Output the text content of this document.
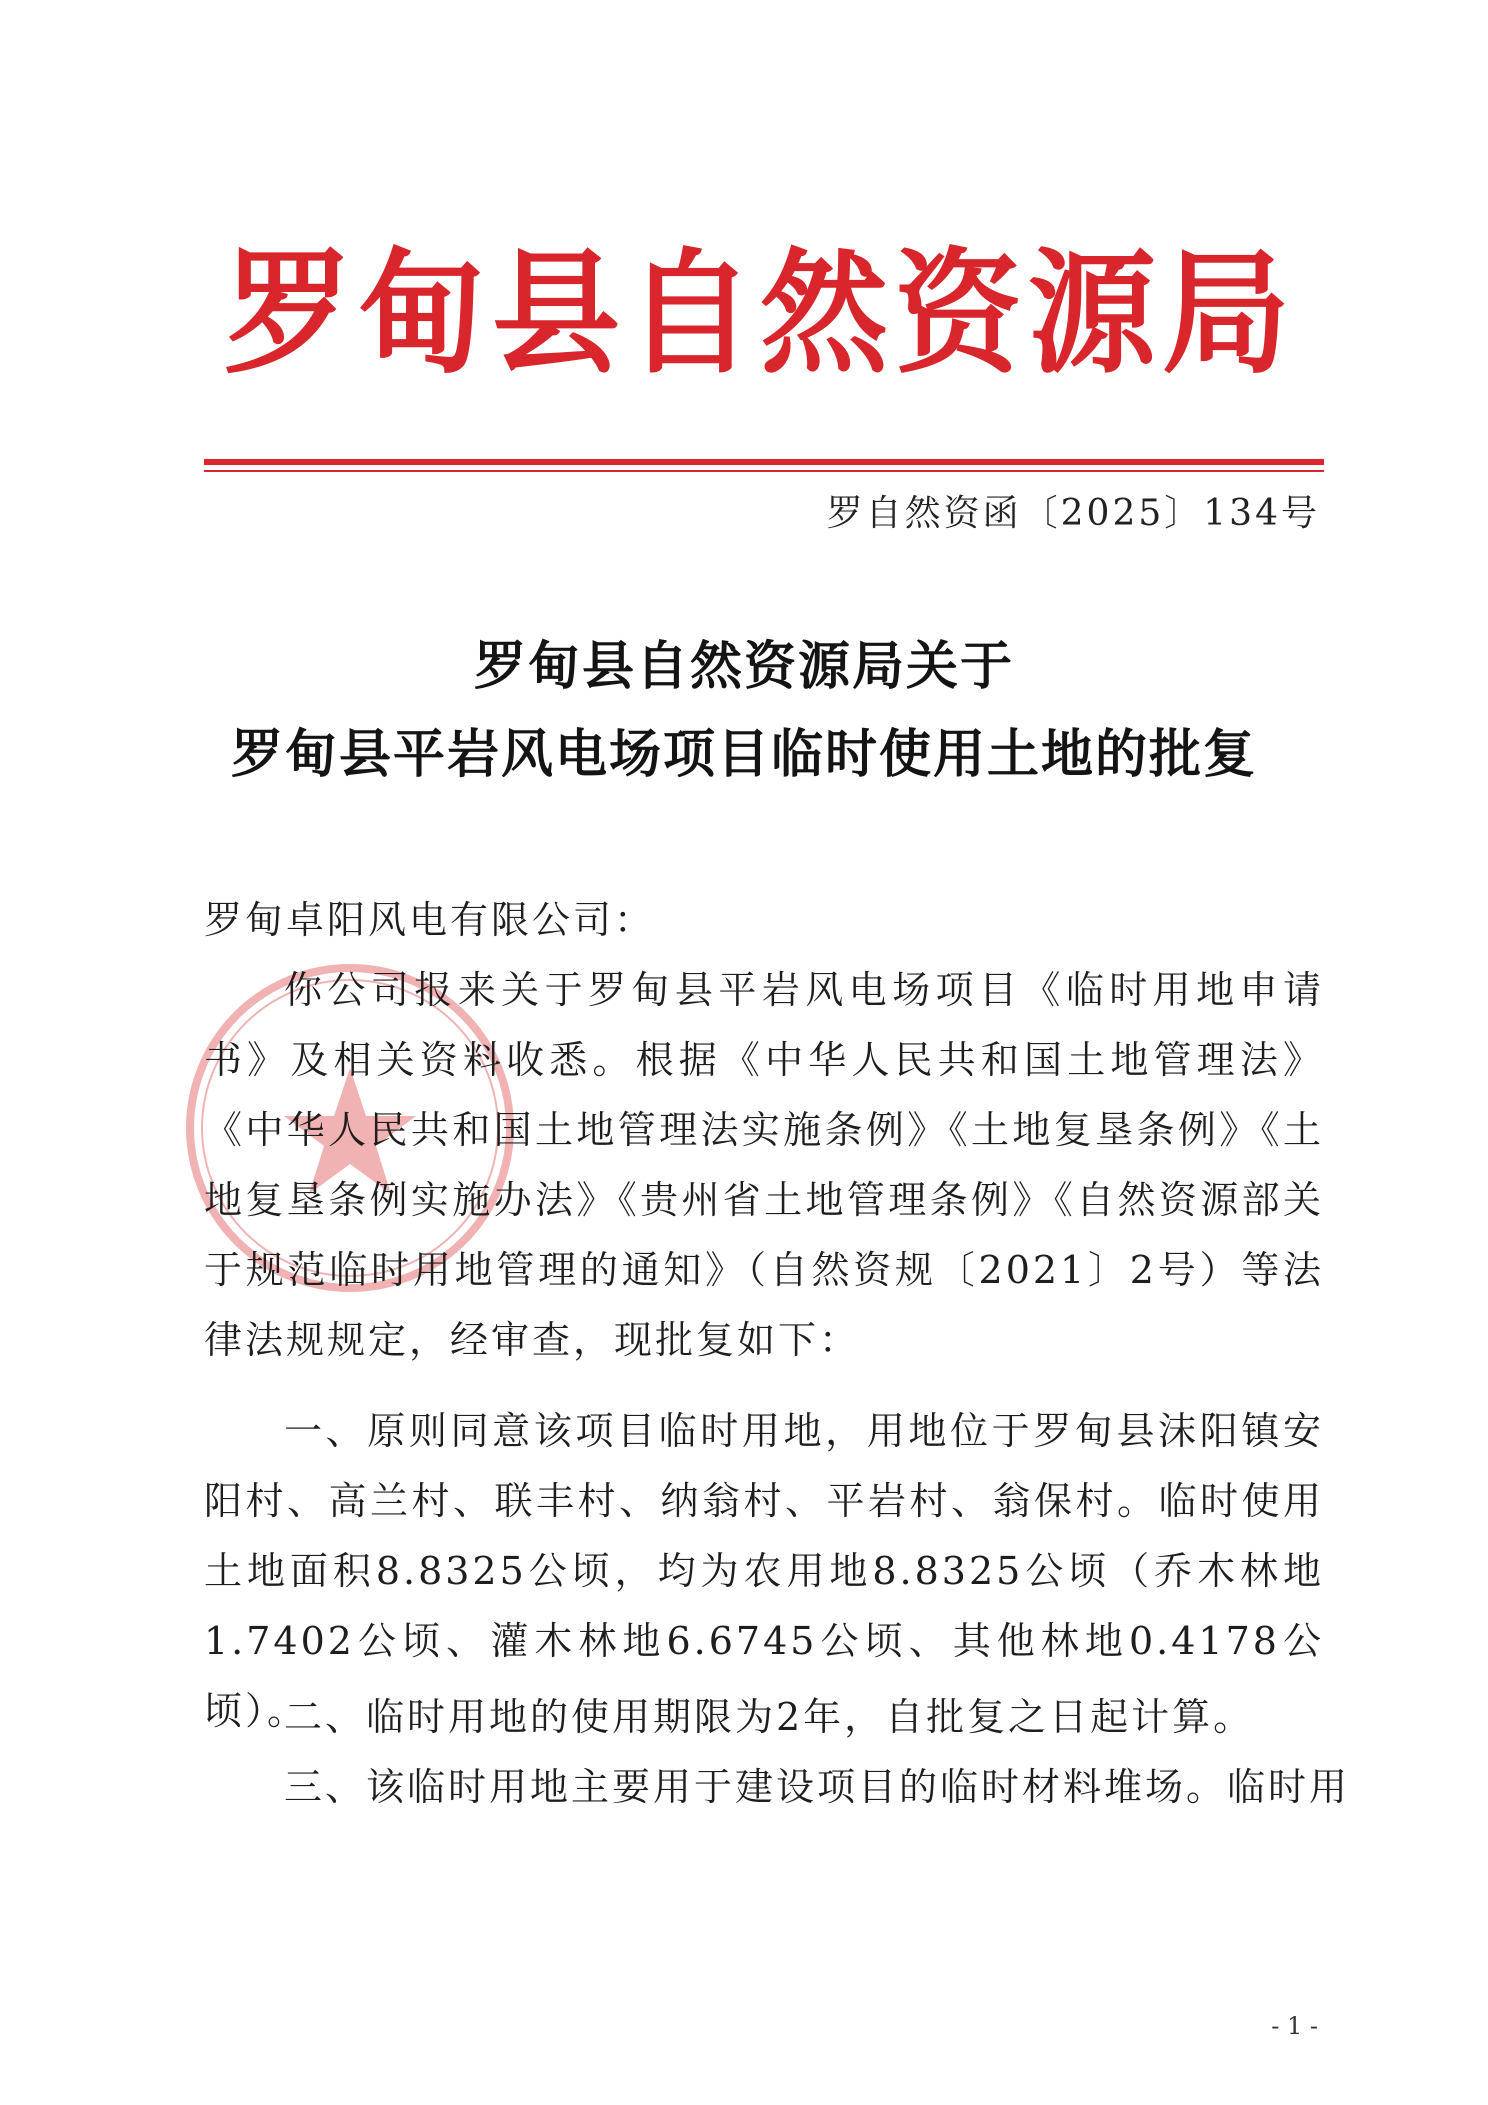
罗甸县自然资源局
罗自然资函〔2025〕134号
罗甸县自然资源局关于
罗甸县平岩风电场项目临时使用土地的批复
罗甸卓阳风电有限公司：
你公司报来关于罗甸县平岩风电场项目《临时用地申请书》及相关资料收悉。根据《中华人民共和国土地管理法》《中华人民共和国土地管理法实施条例》《土地复垦条例》《土地复垦条例实施办法》《贵州省土地管理条例》《自然资源部关于规范临时用地管理的通知》（自然资规〔2021〕2号）等法律法规规定，经审查，现批复如下：
一、原则同意该项目临时用地，用地位于罗甸县沫阳镇安阳村、高兰村、联丰村、纳翁村、平岩村、翁保村。临时使用土地面积8.8325公顷，均为农用地8.8325公顷（乔木林地1.7402公顷、灌木林地6.6745公顷、其他林地0.4178公顷）。
二、临时用地的使用期限为2年，自批复之日起计算。
三、该临时用地主要用于建设项目的临时材料堆场。临时用
- 1 -
